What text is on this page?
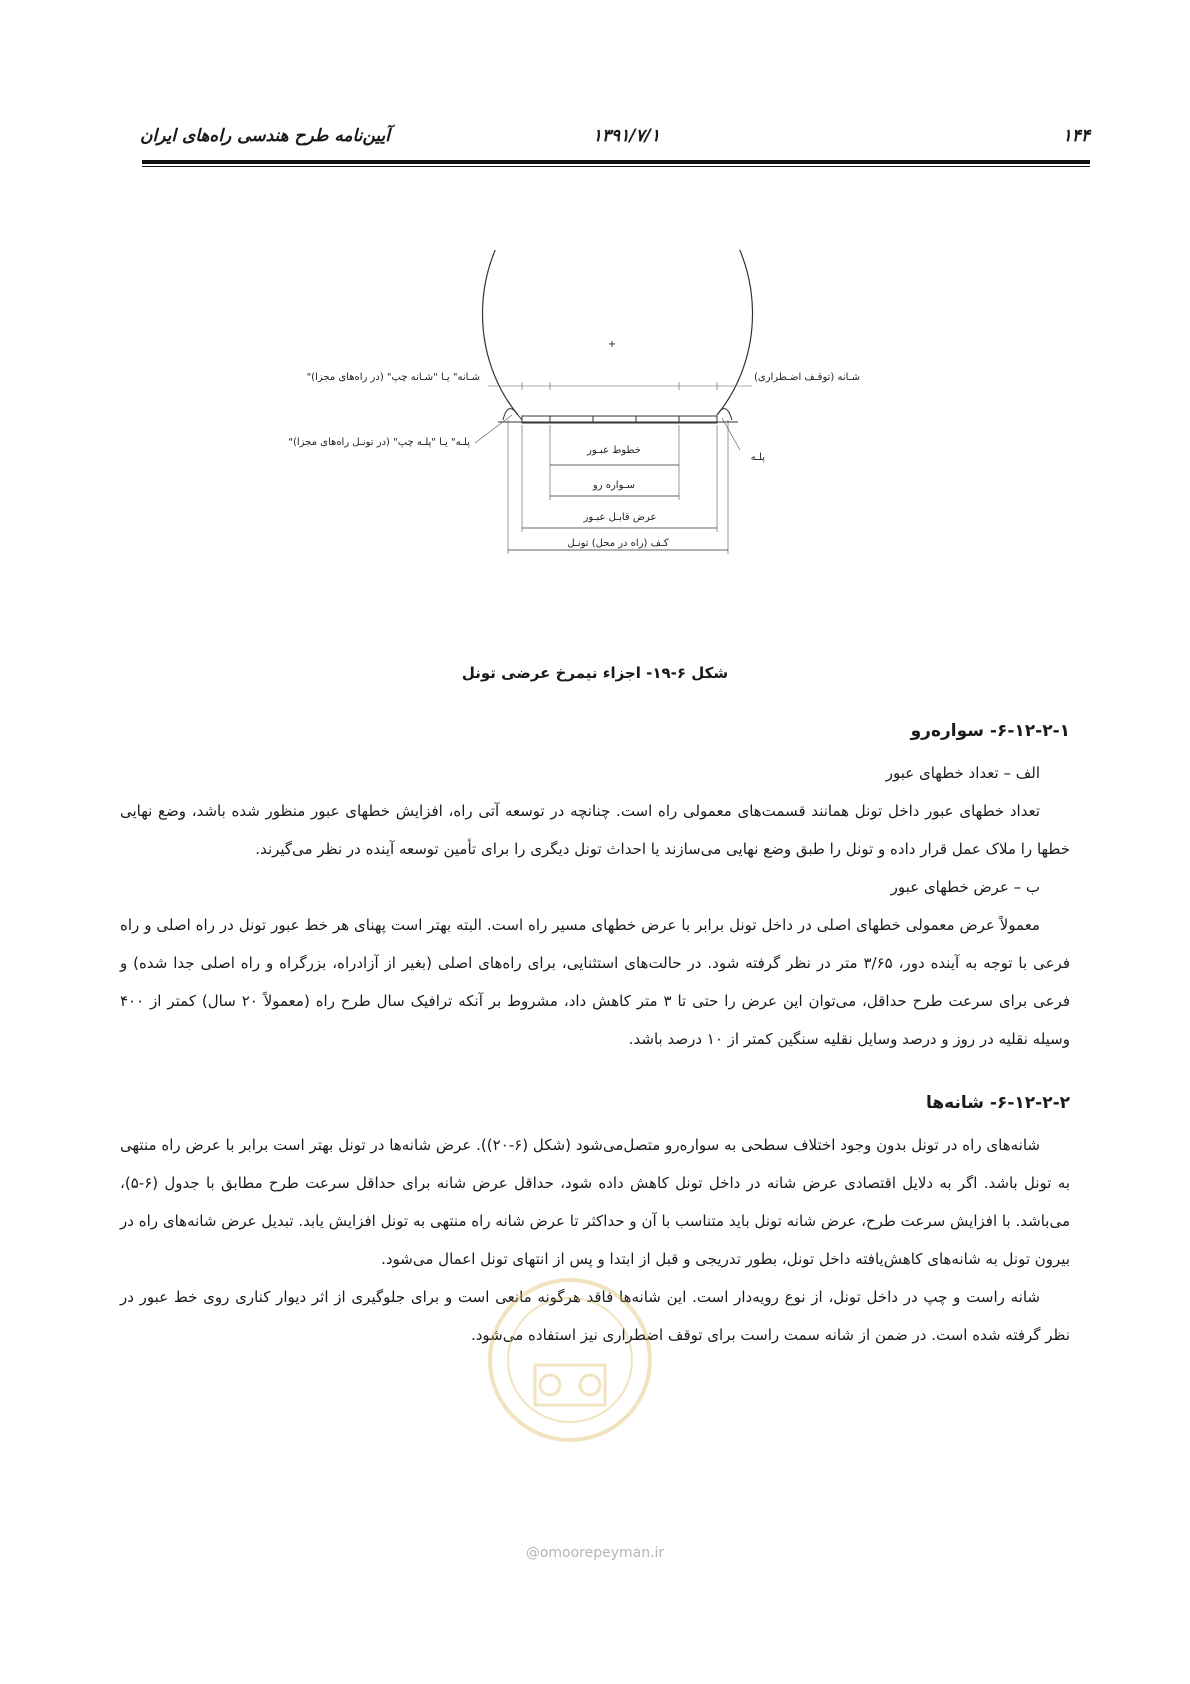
۱۴۴
۱۳۹۱/۷/۱
آیین‌نامه طرح هندسی راه‌های ایران
+
خطوط عبـور
سـواره رو
عرض قابـل عبـور
کـف (راه در محل) تونـل
"شـانه" یـا "شـانه چپ" (در راه‌های مجزا)	شـانه (توقـف اضـطراری)
"پلـه" یـا "پلـه چپ" (در تونـل راه‌های مجزا)
پلـه
شکل ۶-۱۹- اجزاء نیمرخ عرضی تونل
۶-۱۲-۲-۱- سواره‌رو

الف – تعداد خطهای عبور

تعداد خطهای عبور داخل تونل همانند قسمت‌های معمولی راه است. چنانچه در توسعه آتی راه، افزایش خطهای عبور منظور شده باشد، وضع نهایی خطها را ملاک عمل قرار داده و تونل را طبق وضع نهایی می‌سازند یا احداث تونل دیگری را برای تأمین توسعه آینده در نظر می‌گیرند.

ب – عرض خطهای عبور

معمولاً عرض معمولی خطهای اصلی در داخل تونل برابر با عرض خطهای مسیر راه است. البته بهتر است پهنای هر خط عبور تونل در راه اصلی و راه فرعی با توجه به آینده دور، ۳/۶۵ متر در نظر گرفته شود. در حالت‌های استثنایی، برای راه‌های اصلی (بغیر از آزادراه، بزرگراه و راه اصلی جدا شده) و فرعی برای سرعت طرح حداقل، می‌توان این عرض را حتی تا ۳ متر کاهش داد، مشروط بر آنکه ترافیک سال طرح راه (معمولاً ۲۰ سال) کمتر از ۴۰۰ وسیله نقلیه در روز و درصد وسایل نقلیه سنگین کمتر از ۱۰ درصد باشد.

۶-۱۲-۲-۲- شانه‌ها

شانه‌های راه در تونل بدون وجود اختلاف سطحی به سواره‌رو متصل‌می‌شود (شکل (۶-۲۰)). عرض شانه‌ها در تونل بهتر است برابر با عرض راه منتهی به تونل باشد. اگر به دلایل اقتصادی عرض شانه در داخل تونل کاهش داده شود، حداقل عرض شانه برای حداقل سرعت طرح مطابق با جدول (۶-۵)، می‌باشد. با افزایش سرعت طرح، عرض شانه تونل باید متناسب با آن و حداکثر تا عرض شانه راه منتهی به تونل افزایش یابد. تبدیل عرض شانه‌های راه در بیرون تونل به شانه‌های کاهش‌یافته داخل تونل، بطور تدریجی و قبل از ابتدا و پس از انتهای تونل اعمال می‌شود.

شانه راست و چپ در داخل تونل، از نوع رویه‌دار است. این شانه‌ها فاقد هرگونه مانعی است و برای جلوگیری از اثر دیوار کناری روی خط عبور در نظر گرفته شده است. در ضمن از شانه سمت راست برای توقف اضطراری نیز استفاده می‌شود.

@omoorepeyman.ir
